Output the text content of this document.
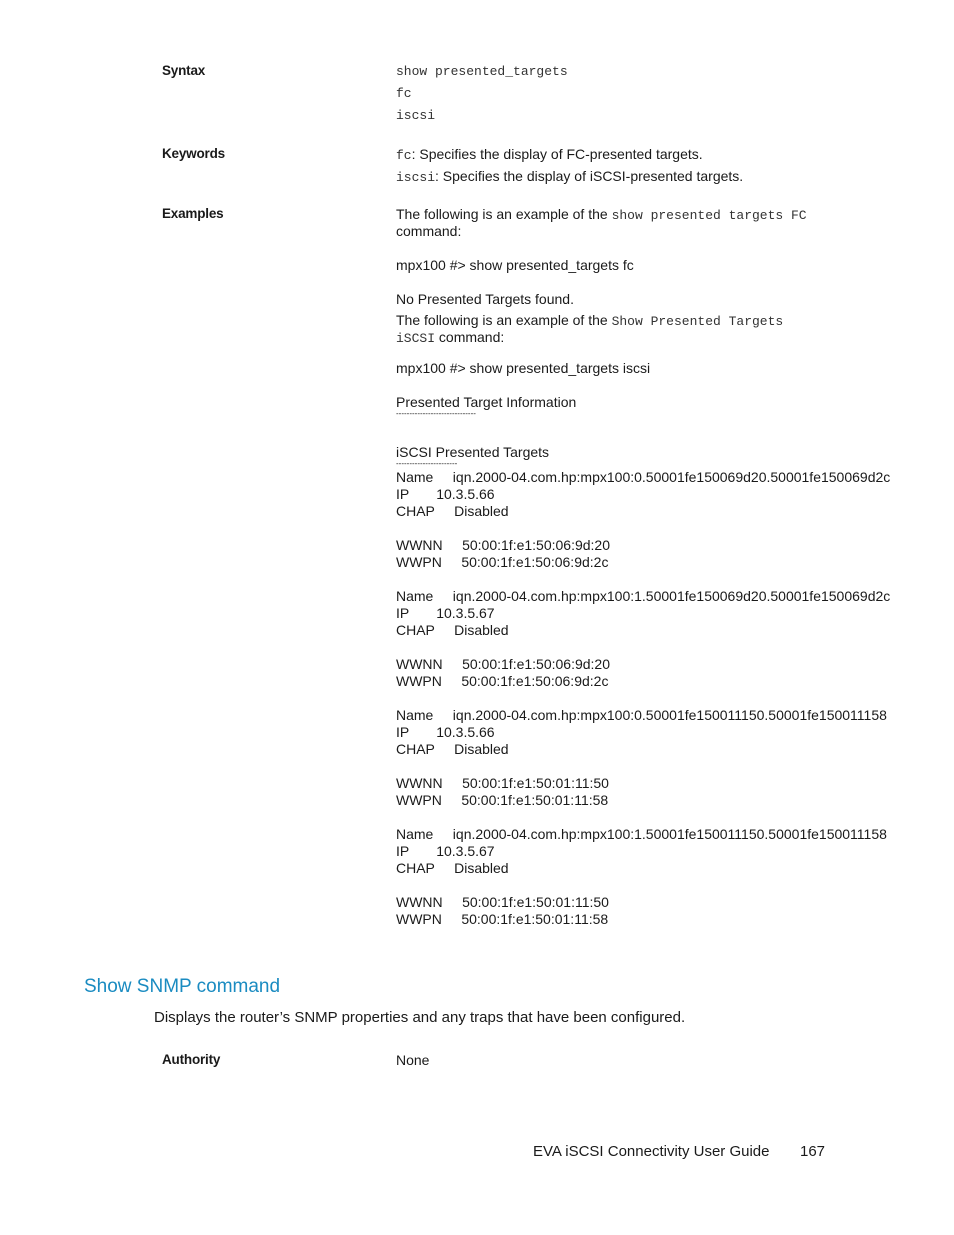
Syntax	show presented_targets
fc
iscsi
Keywords	fc: Specifies the display of FC-presented targets.
iscsi: Specifies the display of iSCSI-presented targets.
Examples	The following is an example of the show presented targets FC
command:
mpx100 #> show presented_targets fc
No Presented Targets found.
The following is an example of the Show Presented Targets
iSCSI command:
mpx100 #> show presented_targets iscsi
Presented Target Information
------------------------------
iSCSI Presented Targets
-----------------------
Name     iqn.2000-04.com.hp:mpx100:0.50001fe150069d20.50001fe150069d2c
IP       10.3.5.66
CHAP     Disabled
WWNN     50:00:1f:e1:50:06:9d:20
WWPN     50:00:1f:e1:50:06:9d:2c
Name     iqn.2000-04.com.hp:mpx100:1.50001fe150069d20.50001fe150069d2c
IP       10.3.5.67
CHAP     Disabled
WWNN     50:00:1f:e1:50:06:9d:20
WWPN     50:00:1f:e1:50:06:9d:2c
Name     iqn.2000-04.com.hp:mpx100:0.50001fe150011150.50001fe150011158
IP       10.3.5.66
CHAP     Disabled
WWNN     50:00:1f:e1:50:01:11:50
WWPN     50:00:1f:e1:50:01:11:58
Name     iqn.2000-04.com.hp:mpx100:1.50001fe150011150.50001fe150011158
IP       10.3.5.67
CHAP     Disabled
WWNN     50:00:1f:e1:50:01:11:50
WWPN     50:00:1f:e1:50:01:11:58
Show SNMP command
Displays the router’s SNMP properties and any traps that have been configured.
Authority	None
EVA iSCSI Connectivity User Guide 167
